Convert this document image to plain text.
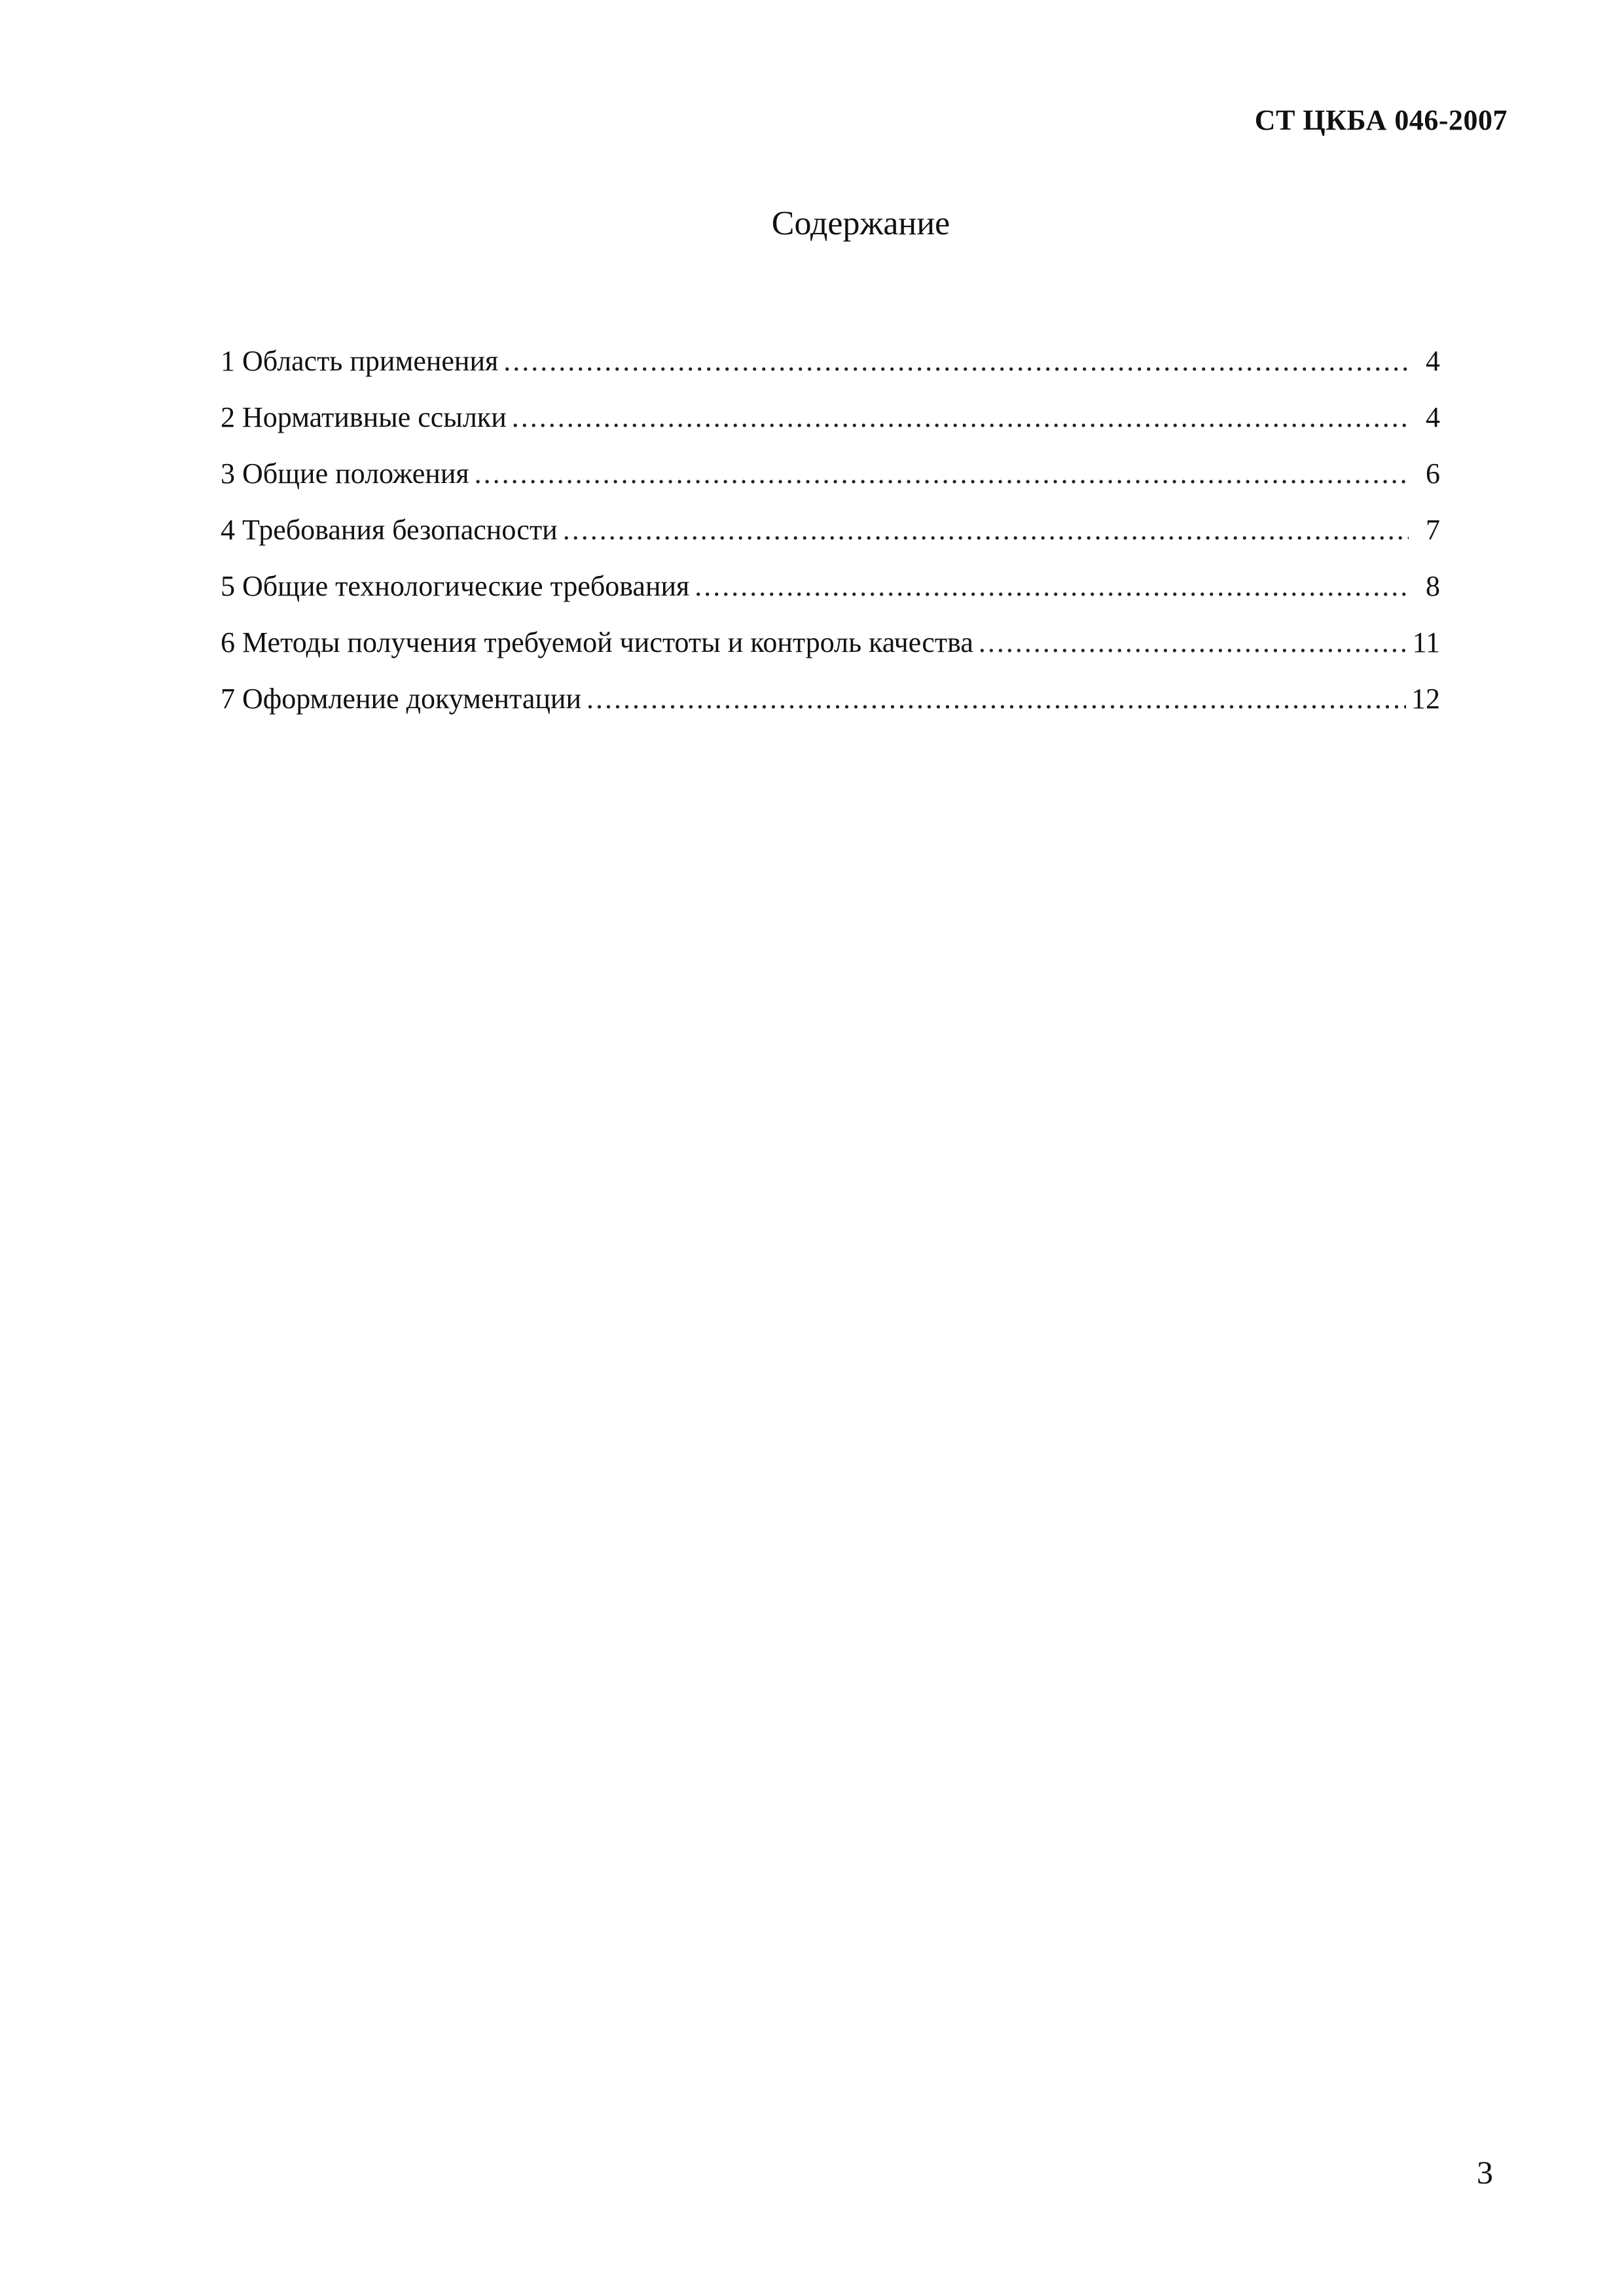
СТ ЦКБА 046-2007
Содержание
1 Область применения .....	4
2 Нормативные ссылки .....	4
3 Общие положения .....	6
4 Требования безопасности .....	7
5 Общие технологические требования .....	8
6 Методы получения требуемой чистоты и контроль качества .....	11
7 Оформление документации .....	12
3
